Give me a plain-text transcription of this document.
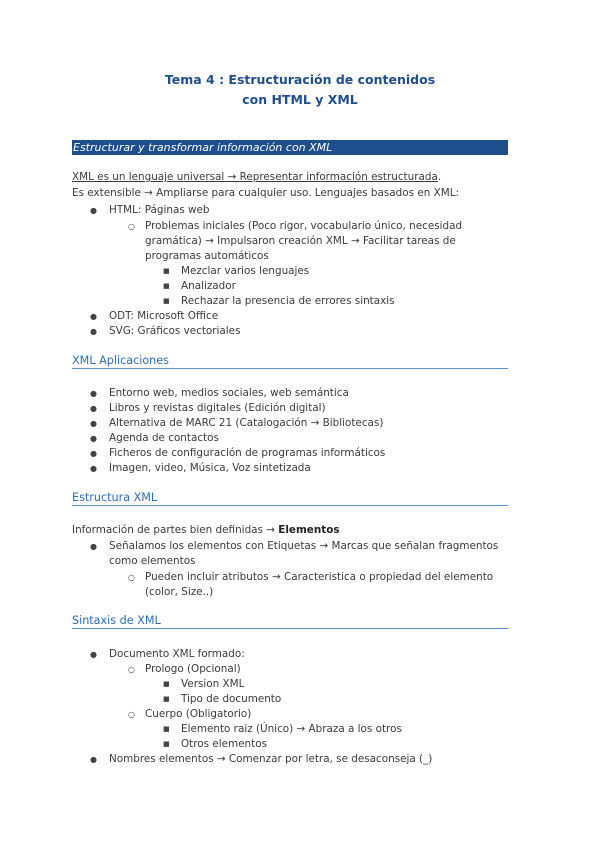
Tema 4 : Estructuración de contenidos
con HTML y XML
Estructurar y transformar información con XML
XML es un lenguaje universal → Representar información estructurada.
Es extensible → Ampliarse para cualquier uso. Lenguajes basados en XML:
● HTML: Páginas web
○ Problemas iniciales (Poco rigor, vocabulario único, necesidad
gramática) → Impulsaron creación XML → Facilitar tareas de
programas automáticos
■ Mezclar varios lenguajes
■ Analizador
■ Rechazar la presencia de errores sintaxis
● ODT: Microsoft Office
● SVG: Gráficos vectoriales
XML Aplicaciones
● Entorno web, medios sociales, web semántica
● Libros y revistas digitales (Edición digital)
● Alternativa de MARC 21 (Catalogación → Bibliotecas)
● Agenda de contactos
● Ficheros de configuración de programas informáticos
● Imagen, video, Música, Voz sintetizada
Estructura XML
Información de partes bien definidas → Elementos
● Señalamos los elementos con Etiquetas → Marcas que señalan fragmentos
como elementos
○ Pueden incluir atributos → Caracteristica o propiedad del elemento
(color, Size..)
Sintaxis de XML
● Documento XML formado:
○ Prologo (Opcional)
■ Version XML
■ Tipo de documento
○ Cuerpo (Obligatorio)
■ Elemento raiz (Único) → Abraza a los otros
■ Otros elementos
● Nombres elementos → Comenzar por letra, se desaconseja (_)
